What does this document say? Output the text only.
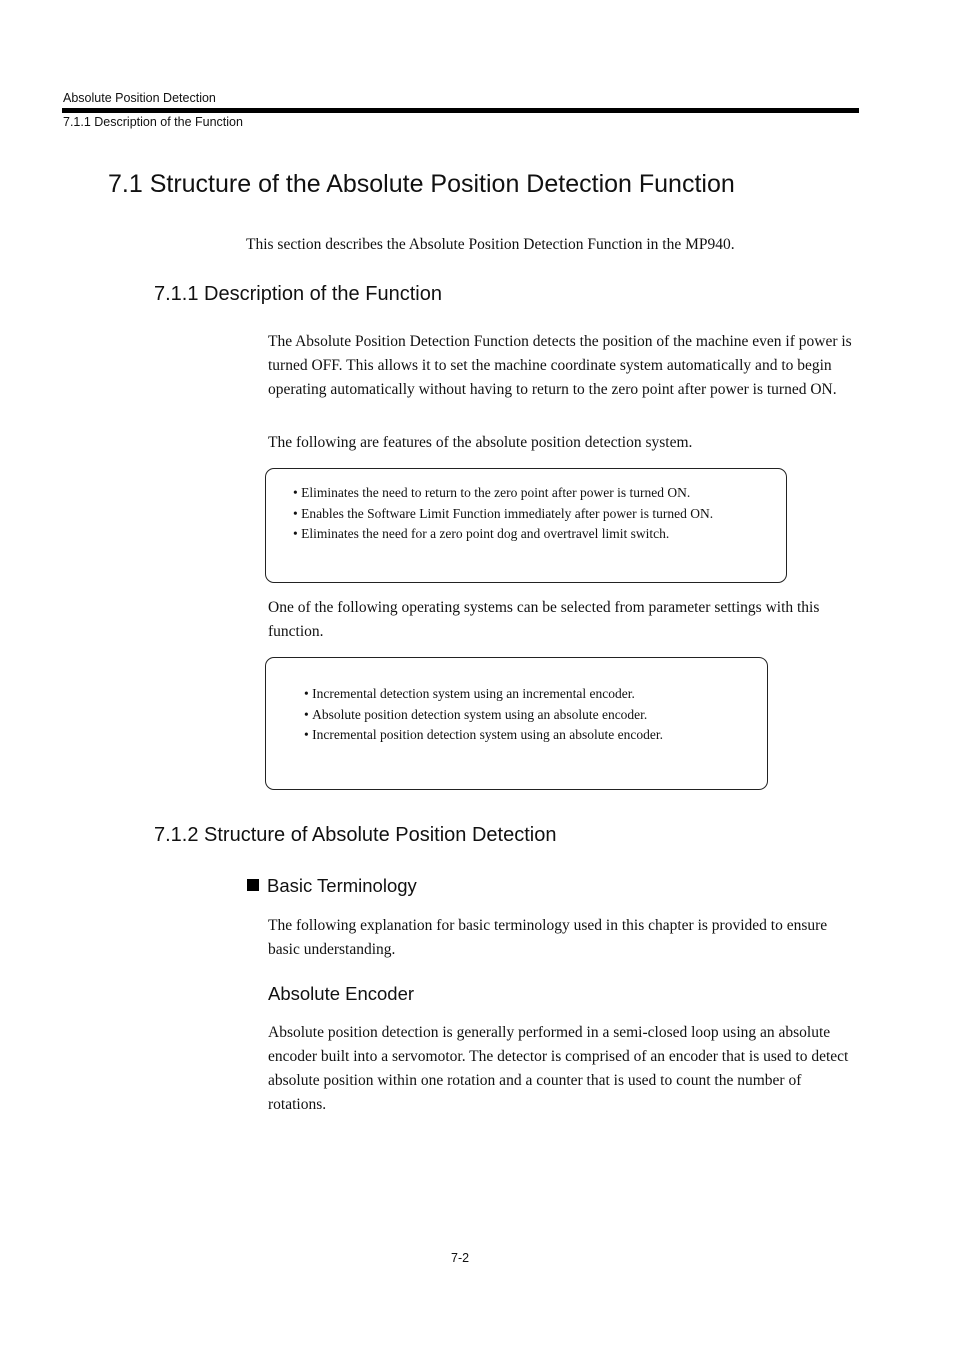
Absolute Position Detection
7.1.1 Description of the Function
7.1 Structure of the Absolute Position Detection Function
This section describes the Absolute Position Detection Function in the MP940.
7.1.1 Description of the Function
The Absolute Position Detection Function detects the position of the machine even if power is turned OFF. This allows it to set the machine coordinate system automatically and to begin operating automatically without having to return to the zero point after power is turned ON.
The following are features of the absolute position detection system.
• Eliminates the need to return to the zero point after power is turned ON.
• Enables the Software Limit Function immediately after power is turned ON.
• Eliminates the need for a zero point dog and overtravel limit switch.
One of the following operating systems can be selected from parameter settings with this function.
• Incremental detection system using an incremental encoder.
• Absolute position detection system using an absolute encoder.
• Incremental position detection system using an absolute encoder.
7.1.2 Structure of Absolute Position Detection
Basic Terminology
The following explanation for basic terminology used in this chapter is provided to ensure basic understanding.
Absolute Encoder
Absolute position detection is generally performed in a semi-closed loop using an absolute encoder built into a servomotor. The detector is comprised of an encoder that is used to detect absolute position within one rotation and a counter that is used to count the number of rotations.
7-2
